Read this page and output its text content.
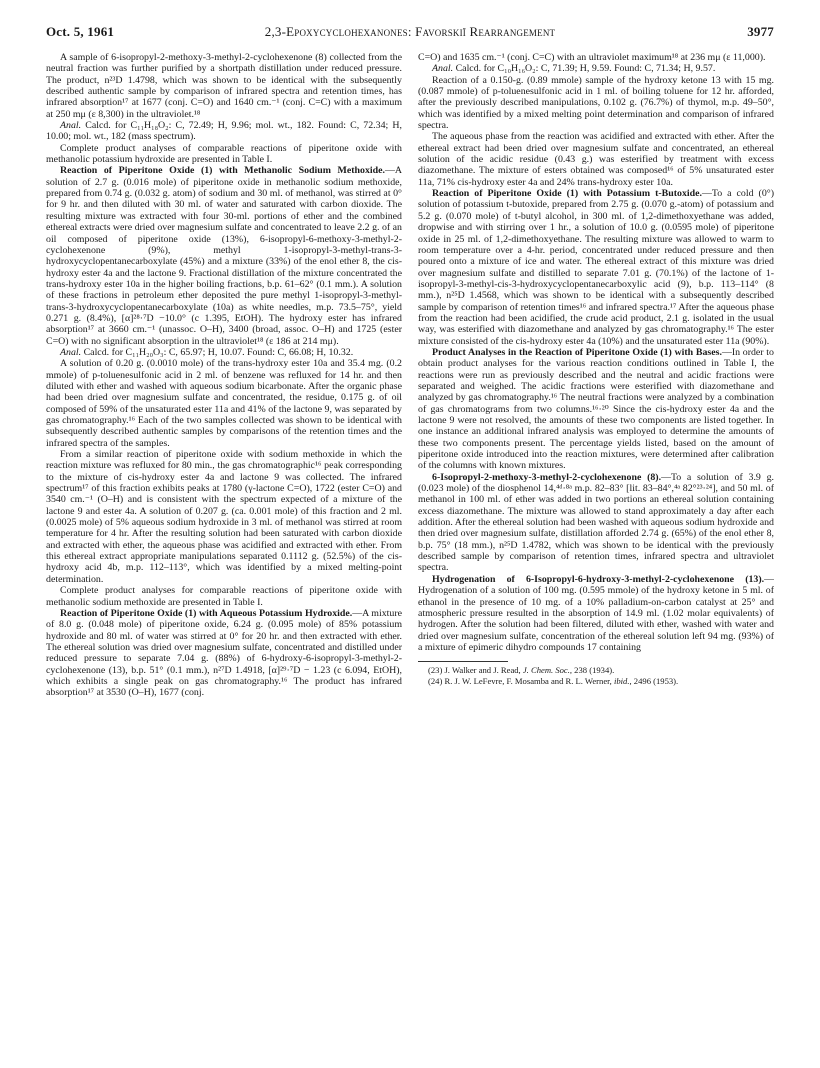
Oct. 5, 1961	2,3-Epoxycyclohexanones: Favorskiĭ Rearrangement	3977

A sample of 6-isopropyl-2-methoxy-3-methyl-2-cyclohexenone (8) collected from the neutral fraction was further purified by a shortpath distillation under reduced pressure. The product, n²³D 1.4798, which was shown to be identical with the subsequently described authentic sample by comparison of infrared spectra and retention times, has infrared absorption¹⁷ at 1677 (conj. C=O) and 1640 cm.⁻¹ (conj. C=C) with a maximum at 250 mμ (ε 8,300) in the ultraviolet.¹⁸

Anal. Calcd. for C₁₁H₁₈O₂: C, 72.49; H, 9.96; mol. wt., 182. Found: C, 72.34; H, 10.00; mol. wt., 182 (mass spectrum).

Complete product analyses of comparable reactions of piperitone oxide with methanolic potassium hydroxide are presented in Table I.

Reaction of Piperitone Oxide (1) with Methanolic Sodium Methoxide.—A solution of 2.7 g. (0.016 mole) of piperitone oxide in methanolic sodium methoxide, prepared from 0.74 g. (0.032 g. atom) of sodium and 30 ml. of methanol, was stirred at 0° for 9 hr. and then diluted with 30 ml. of water and saturated with carbon dioxide. The resulting mixture was extracted with four 30-ml. portions of ether and the combined ethereal extracts were dried over magnesium sulfate and concentrated to leave 2.2 g. of an oil composed of piperitone oxide (13%), 6-isopropyl-6-methoxy-3-methyl-2-cyclohexenone (9%), methyl 1-isopropyl-3-methyl-trans-3-hydroxycyclopentanecarboxylate (45%) and a mixture (33%) of the enol ether 8, the cis-hydroxy ester 4a and the lactone 9. Fractional distillation of the mixture concentrated the trans-hydroxy ester 10a in the higher boiling fractions, b.p. 61–62° (0.1 mm.). A solution of these fractions in petroleum ether deposited the pure methyl 1-isopropyl-3-methyl-trans-3-hydroxycyclopentanecarboxylate (10a) as white needles, m.p. 73.5–75°, yield 0.271 g. (8.4%), [α]²⁸·⁷D −10.0° (c 1.395, EtOH). The hydroxy ester has infrared absorption¹⁷ at 3660 cm.⁻¹ (unassoc. O–H), 3400 (broad, assoc. O–H) and 1725 (ester C=O) with no significant absorption in the ultraviolet¹⁸ (ε 186 at 214 mμ).

Anal. Calcd. for C₁₁H₂₀O₃: C, 65.97; H, 10.07. Found: C, 66.08; H, 10.32.

A solution of 0.20 g. (0.0010 mole) of the trans-hydroxy ester 10a and 35.4 mg. (0.2 mmole) of p-toluenesulfonic acid in 2 ml. of benzene was refluxed for 14 hr. and then diluted with ether and washed with aqueous sodium bicarbonate. After the organic phase had been dried over magnesium sulfate and concentrated, the residue, 0.175 g. of oil composed of 59% of the unsaturated ester 11a and 41% of the lactone 9, was separated by gas chromatography.¹⁶ Each of the two samples collected was shown to be identical with subsequently described authentic samples by comparisons of the retention times and the infrared spectra of the samples.

From a similar reaction of piperitone oxide with sodium methoxide in which the reaction mixture was refluxed for 80 min., the gas chromatographic¹⁶ peak corresponding to the mixture of cis-hydroxy ester 4a and lactone 9 was collected. The infrared spectrum¹⁷ of this fraction exhibits peaks at 1780 (γ-lactone C=O), 1722 (ester C=O) and 3540 cm.⁻¹ (O–H) and is consistent with the spectrum expected of a mixture of the lactone 9 and ester 4a. A solution of 0.207 g. (ca. 0.001 mole) of this fraction and 2 ml. (0.0025 mole) of 5% aqueous sodium hydroxide in 3 ml. of methanol was stirred at room temperature for 4 hr. After the resulting solution had been saturated with carbon dioxide and extracted with ether, the aqueous phase was acidified and extracted with ether. From this ethereal extract appropriate manipulations separated 0.1112 g. (52.5%) of the cis-hydroxy acid 4b, m.p. 112–113°, which was identified by a mixed melting-point determination.

Complete product analyses for comparable reactions of piperitone oxide with methanolic sodium methoxide are presented in Table I.

Reaction of Piperitone Oxide (1) with Aqueous Potassium Hydroxide.—A mixture of 8.0 g. (0.048 mole) of piperitone oxide, 6.24 g. (0.095 mole) of 85% potassium hydroxide and 80 ml. of water was stirred at 0° for 20 hr. and then extracted with ether. The ethereal solution was dried over magnesium sulfate, concentrated and distilled under reduced pressure to separate 7.04 g. (88%) of 6-hydroxy-6-isopropyl-3-methyl-2-cyclohexenone (13), b.p. 51° (0.1 mm.), n²⁷D 1.4918, [α]²⁹·⁷D − 1.23 (c 6.094, EtOH), which exhibits a single peak on gas chromatography.¹⁶ The product has infrared absorption¹⁷ at 3530 (O–H), 1677 (conj.

C=O) and 1635 cm.⁻¹ (conj. C=C) with an ultraviolet maximum¹⁸ at 236 mμ (ε 11,000).

Anal. Calcd. for C₁₀H₁₆O₂: C, 71.39; H, 9.59. Found: C, 71.34; H, 9.57.

Reaction of a 0.150-g. (0.89 mmole) sample of the hydroxy ketone 13 with 15 mg. (0.087 mmole) of p-toluenesulfonic acid in 1 ml. of boiling toluene for 12 hr. afforded, after the previously described manipulations, 0.102 g. (76.7%) of thymol, m.p. 49–50°, which was identified by a mixed melting point determination and comparison of infrared spectra.

The aqueous phase from the reaction was acidified and extracted with ether. After the ethereal extract had been dried over magnesium sulfate and concentrated, an ethereal solution of the acidic residue (0.43 g.) was esterified by treatment with excess diazomethane. The mixture of esters obtained was composed¹⁶ of 5% unsaturated ester 11a, 71% cis-hydroxy ester 4a and 24% trans-hydroxy ester 10a.

Reaction of Piperitone Oxide (1) with Potassium t-Butoxide.—To a cold (0°) solution of potassium t-butoxide, prepared from 2.75 g. (0.070 g.-atom) of potassium and 5.2 g. (0.070 mole) of t-butyl alcohol, in 300 ml. of 1,2-dimethoxyethane was added, dropwise and with stirring over 1 hr., a solution of 10.0 g. (0.0595 mole) of piperitone oxide in 25 ml. of 1,2-dimethoxyethane. The resulting mixture was allowed to warm to room temperature over a 4-hr. period, concentrated under reduced pressure and then poured onto a mixture of ice and water. The ethereal extract of this mixture was dried over magnesium sulfate and distilled to separate 7.01 g. (70.1%) of the lactone of 1-isopropyl-3-methyl-cis-3-hydroxycyclopentanecarboxylic acid (9), b.p. 113–114° (8 mm.), n²⁵D 1.4568, which was shown to be identical with a subsequently described sample by comparison of retention times¹⁶ and infrared spectra.¹⁷ After the aqueous phase from the reaction had been acidified, the crude acid product, 2.1 g. isolated in the usual way, was esterified with diazomethane and analyzed by gas chromatography.¹⁶ The ester mixture consisted of the cis-hydroxy ester 4a (10%) and the unsaturated ester 11a (90%).

Product Analyses in the Reaction of Piperitone Oxide (1) with Bases.—In order to obtain product analyses for the various reaction conditions outlined in Table I, the reactions were run as previously described and the neutral and acidic fractions were separated and weighed. The acidic fractions were esterified with diazomethane and analyzed by gas chromatography.¹⁶ The neutral fractions were analyzed by a combination of gas chromatograms from two columns.¹⁶·²⁰ Since the cis-hydroxy ester 4a and the lactone 9 were not resolved, the amounts of these two components are listed together. In one instance an additional infrared analysis was employed to determine the amounts of these two components present. The percentage yields listed, based on the amount of piperitone oxide introduced into the reaction mixtures, were determined after calibration of the columns with known mixtures.

6-Isopropyl-2-methoxy-3-methyl-2-cyclohexenone (8).—To a solution of 3.9 g. (0.023 mole) of the diosphenol 14,⁴ᵈ·⁸ᵃ m.p. 82–83° [lit. 83–84°,⁴ᵃ 82°²³·²⁴], and 50 ml. of methanol in 100 ml. of ether was added in two portions an ethereal solution containing excess diazomethane. The mixture was allowed to stand approximately a day after each addition. After the ethereal solution had been washed with aqueous sodium hydroxide and then dried over magnesium sulfate, distillation afforded 2.74 g. (65%) of the enol ether 8, b.p. 75° (18 mm.), n²⁵D 1.4782, which was shown to be identical with the previously described sample by comparison of retention times, infrared spectra and ultraviolet spectra.

Hydrogenation of 6-Isopropyl-6-hydroxy-3-methyl-2-cyclohexenone (13).—Hydrogenation of a solution of 100 mg. (0.595 mmole) of the hydroxy ketone in 5 ml. of ethanol in the presence of 10 mg. of a 10% palladium-on-carbon catalyst at 25° and atmospheric pressure resulted in the absorption of 14.9 ml. (1.02 molar equivalents) of hydrogen. After the solution had been filtered, diluted with ether, washed with water and dried over magnesium sulfate, concentration of the ethereal solution left 94 mg. (93%) of a mixture of epimeric dihydro compounds 17 containing

(23) J. Walker and J. Read, J. Chem. Soc., 238 (1934).

(24) R. J. W. LeFevre, F. Mosamba and R. L. Werner, ibid., 2496 (1953).
